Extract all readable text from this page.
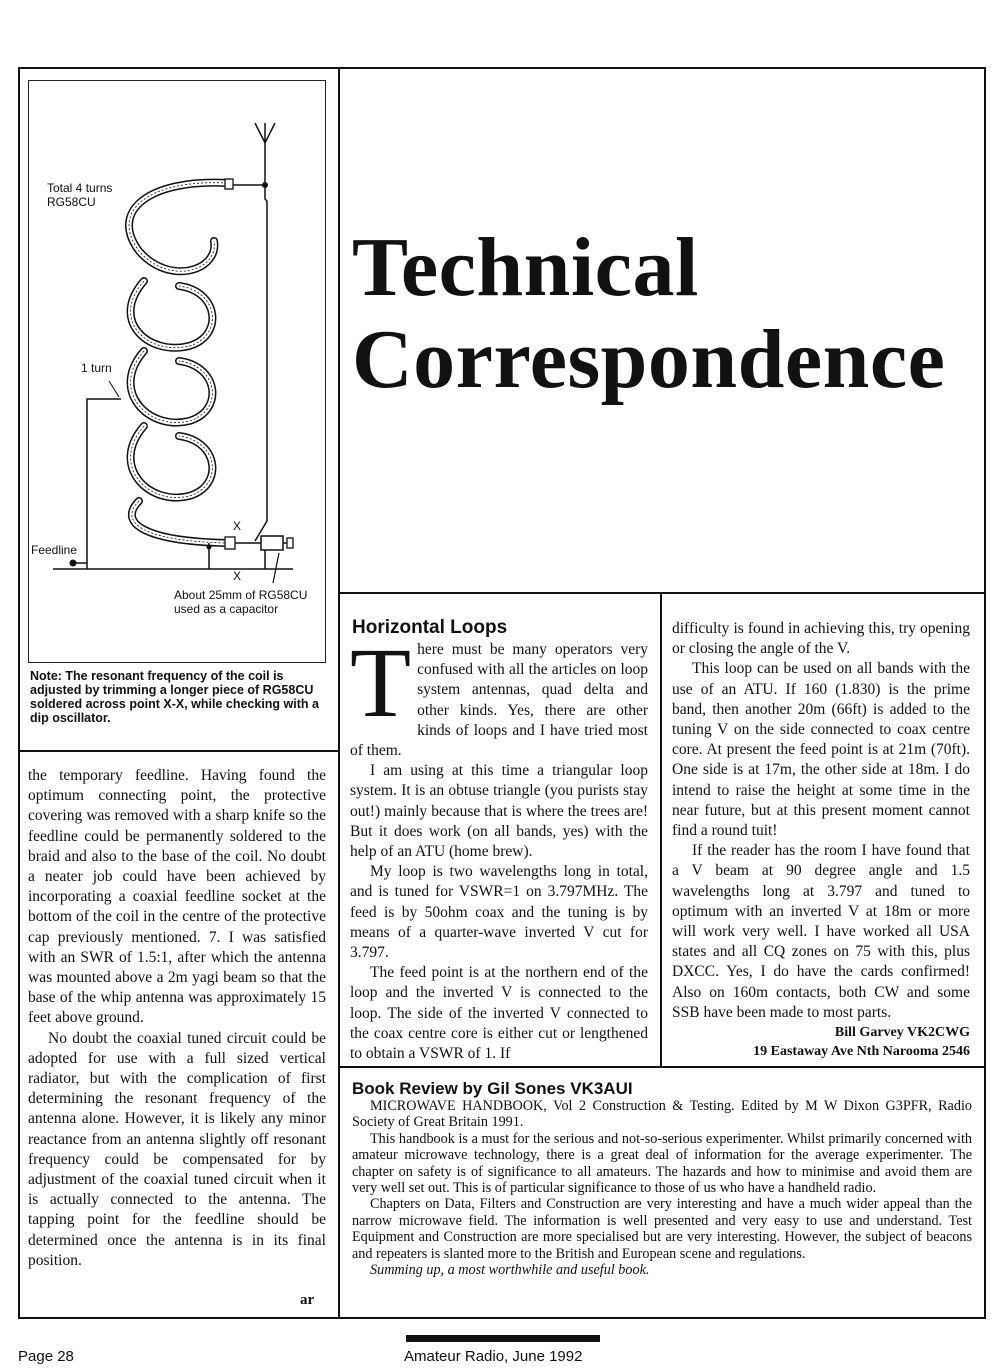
Total 4 turns
RG58CU
1 turn
X
Feedline
X
About 25mm of RG58CU
used as a capacitor
Note: The resonant frequency of the coil is adjusted by trimming a longer piece of RG58CU soldered across point X-X, while checking with a dip oscillator.

the temporary feedline. Having found the optimum connecting point, the protective covering was removed with a sharp knife so the feedline could be permanently soldered to the braid and also to the base of the coil. No doubt a neater job could have been achieved by incorporating a coaxial feedline socket at the bottom of the coil in the centre of the protective cap previously mentioned. 7. I was satisfied with an SWR of 1.5:1, after which the antenna was mounted above a 2m yagi beam so that the base of the whip antenna was approximately 15 feet above ground.

No doubt the coaxial tuned circuit could be adopted for use with a full sized vertical radiator, but with the complication of first determining the resonant frequency of the antenna alone. However, it is likely any minor reactance from an antenna slightly off resonant frequency could be compensated for by adjustment of the coaxial tuned circuit when it is actually connected to the antenna. The tapping point for the feedline should be determined once the antenna is in its final position.

ar
Technical
Correspondence
Horizontal Loops

There must be many operators very confused with all the articles on loop system antennas, quad delta and other kinds. Yes, there are other kinds of loops and I have tried most of them.

I am using at this time a triangular loop system. It is an obtuse triangle (you purists stay out!) mainly because that is where the trees are! But it does work (on all bands, yes) with the help of an ATU (home brew).

My loop is two wavelengths long in total, and is tuned for VSWR=1 on 3.797MHz. The feed is by 50ohm coax and the tuning is by means of a quarter-wave inverted V cut for 3.797.

The feed point is at the northern end of the loop and the inverted V is connected to the loop. The side of the inverted V connected to the coax centre core is either cut or lengthened to obtain a VSWR of 1. If

difficulty is found in achieving this, try opening or closing the angle of the V.

This loop can be used on all bands with the use of an ATU. If 160 (1.830) is the prime band, then another 20m (66ft) is added to the tuning V on the side connected to coax centre core. At present the feed point is at 21m (70ft). One side is at 17m, the other side at 18m. I do intend to raise the height at some time in the near future, but at this present moment cannot find a round tuit!

If the reader has the room I have found that a V beam at 90 degree angle and 1.5 wavelengths long at 3.797 and tuned to optimum with an inverted V at 18m or more will work very well. I have worked all USA states and all CQ zones on 75 with this, plus DXCC. Yes, I do have the cards confirmed! Also on 160m contacts, both CW and some SSB have been made to most parts.

Bill Garvey VK2CWG
19 Eastaway Ave Nth Narooma 2546
Book Review by Gil Sones VK3AUI

MICROWAVE HANDBOOK, Vol 2 Construction & Testing. Edited by M W Dixon G3PFR, Radio Society of Great Britain 1991.

This handbook is a must for the serious and not-so-serious experimenter. Whilst primarily concerned with amateur microwave technology, there is a great deal of information for the average experimenter. The chapter on safety is of significance to all amateurs. The hazards and how to minimise and avoid them are very well set out. This is of particular significance to those of us who have a handheld radio.

Chapters on Data, Filters and Construction are very interesting and have a much wider appeal than the narrow microwave field. The information is well presented and very easy to use and understand. Test Equipment and Construction are more specialised but are very interesting. However, the subject of beacons and repeaters is slanted more to the British and European scene and regulations.

Summing up, a most worthwhile and useful book.

Page 28	Amateur Radio, June 1992
